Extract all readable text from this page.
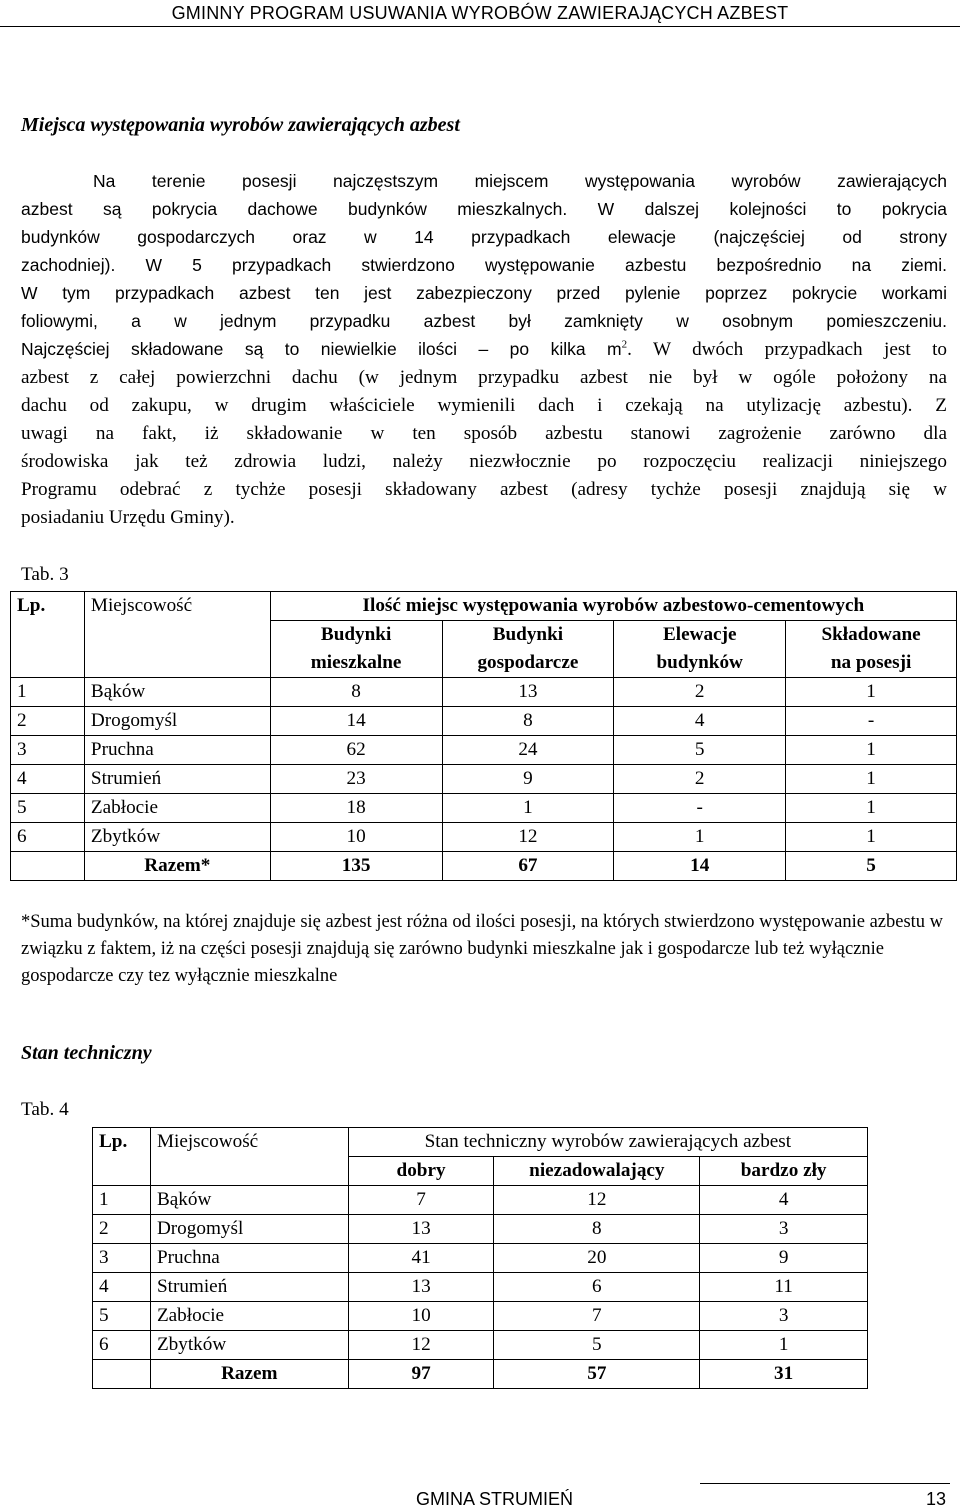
GMINNY PROGRAM USUWANIA WYROBÓW ZAWIERAJĄCYCH AZBEST
Miejsca występowania wyrobów zawierających azbest
Na terenie posesji najczęstszym miejscem występowania wyrobów zawierających
azbest są pokrycia dachowe budynków mieszkalnych. W dalszej kolejności to pokrycia
budynków gospodarczych oraz w 14 przypadkach elewacje (najczęściej od strony
zachodniej). W 5 przypadkach stwierdzono występowanie azbestu bezpośrednio na ziemi.
W tym przypadkach azbest ten jest zabezpieczony przed pylenie poprzez pokrycie workami
foliowymi, a w jednym przypadku azbest był zamknięty w osobnym pomieszczeniu.
Najczęściej składowane są to niewielkie ilości – po kilka $m^2$. W dwóch przypadkach jest to
azbest z całej powierzchni dachu (w jednym przypadku azbest nie był w ogóle położony na
dachu od zakupu, w drugim właściciele wymienili dach i czekają na utylizację azbestu). Z
uwagi na fakt, iż składowanie w ten sposób azbestu stanowi zagrożenie zarówno dla
środowiska jak też zdrowia ludzi, należy niezwłocznie po rozpoczęciu realizacji niniejszego
Programu odebrać z tychże posesji składowany azbest (adresy tychże posesji znajdują się w
posiadaniu Urzędu Gminy).
Tab. 3
Lp.	Miejscowość	Ilość miejsc występowania wyrobów azbestowo-cementowych			
		Budynki	Budynki	Elewacje	Składowane
		mieszkalne	gospodarcze	budynków	na posesji
1	Bąków	8	13	2	1
2	Drogomyśl	14	8	4	-
3	Pruchna	62	24	5	1
4	Strumień	23	9	2	1
5	Zabłocie	18	1	-	1
6	Zbytków	10	12	1	1
	Razem*	135	67	14	5
*Suma budynków, na której znajduje się azbest jest różna od ilości posesji, na których stwierdzono występowanie azbestu w związku z faktem, iż na części posesji znajdują się zarówno budynki mieszkalne jak i gospodarcze lub też wyłącznie gospodarcze czy tez wyłącznie mieszkalne
Stan techniczny
Tab. 4
Lp.	Miejscowość	Stan techniczny wyrobów zawierających azbest		
		dobry	niezadowalający	bardzo zły
1	Bąków	7	12	4
2	Drogomyśl	13	8	3
3	Pruchna	41	20	9
4	Strumień	13	6	11
5	Zabłocie	10	7	3
6	Zbytków	12	5	1
	Razem	97	57	31
GMINA STRUMIEŃ	13
